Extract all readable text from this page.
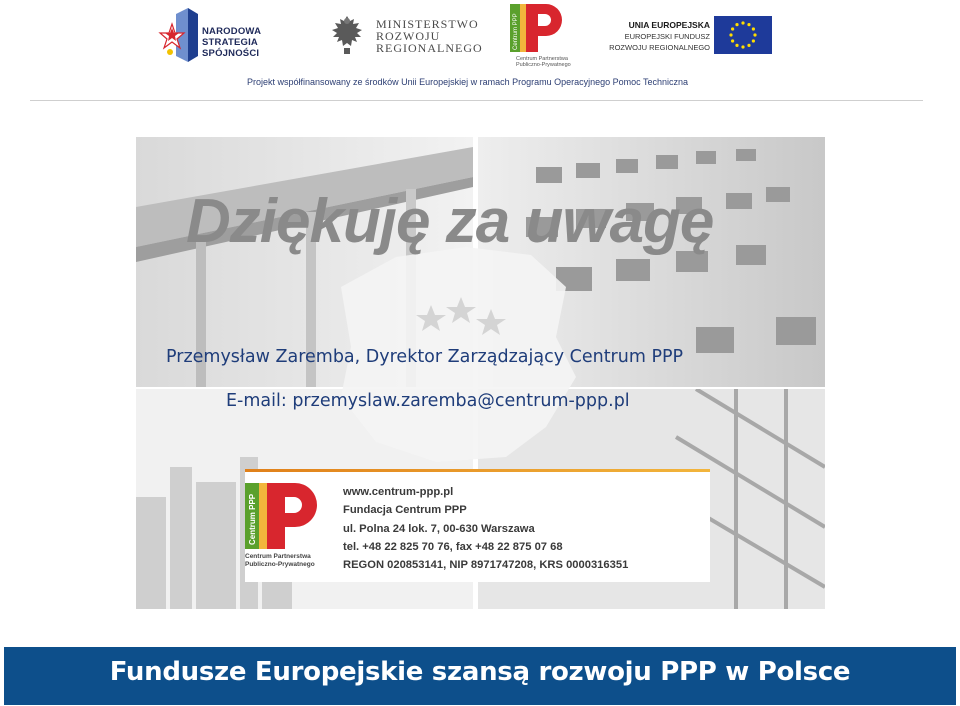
NARODOWA
STRATEGIA SPÓJNOŚCI
MINISTERSTWO
ROZWOJU
REGIONALNEGO	Centrum PPP
Centrum Partnerstwa
Publiczno-Prywatnego
UNIA EUROPEJSKA
EUROPEJSKI FUNDUSZ
ROZWOJU REGIONALNEGO
Projekt współfinansowany ze środków Unii Europejskiej w ramach Programu Operacyjnego Pomoc Techniczna
Dziękuję za uwagę
Przemysław Zaremba, Dyrektor Zarządzający Centrum PPP
E-mail: przemyslaw.zaremba@centrum-ppp.pl
Centrum PPP
Centrum Partnerstwa
Publiczno-Prywatnego
www.centrum-ppp.pl
Fundacja Centrum PPP
ul. Polna 24 lok. 7, 00-630 Warszawa
tel. +48 22 825 70 76, fax +48 22 875 07 68
REGON 020853141, NIP 8971747208, KRS 0000316351
Fundusze Europejskie szansą rozwoju PPP w Polsce
